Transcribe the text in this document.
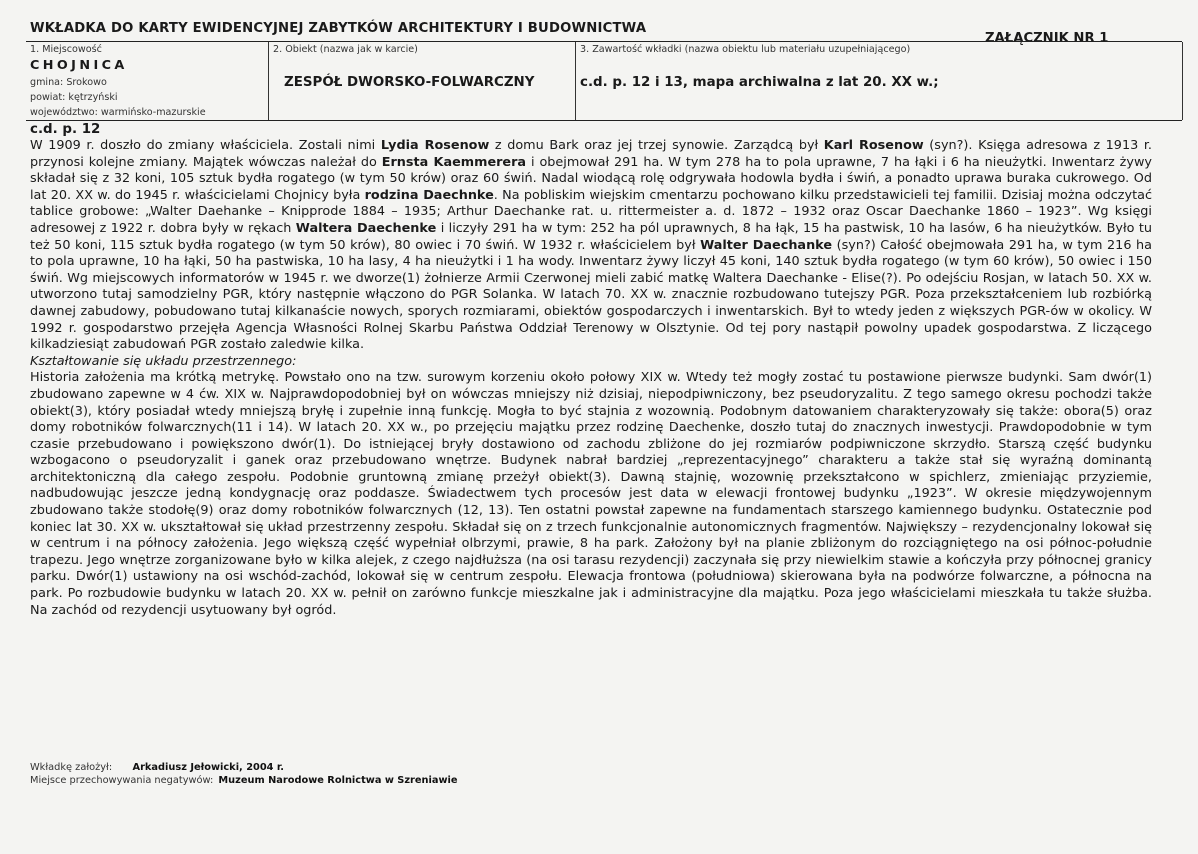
WKŁADKA DO KARTY EWIDENCYJNEJ ZABYTKÓW ARCHITEKTURY I BUDOWNICTWA
ZAŁĄCZNIK NR 1
1. Miejscowość
CHOJNICA
gmina: Srokowo
powiat: kętrzyński
województwo: warmińsko-mazurskie
2. Obiekt (nazwa jak w karcie)
ZESPÓŁ DWORSKO-FOLWARCZNY
3. Zawartość wkładki (nazwa obiektu lub materiału uzupełniającego)
c.d. p. 12 i 13, mapa archiwalna z lat 20. XX w.;
c.d. p. 12

W 1909 r. doszło do zmiany właściciela. Zostali nimi Lydia Rosenow z domu Bark oraz jej trzej synowie. Zarządcą był Karl Rosenow (syn?). Księga adresowa z 1913 r. przynosi kolejne zmiany. Majątek wówczas należał do Ernsta Kaemmerera i obejmował 291 ha. W tym 278 ha to pola uprawne, 7 ha łąki i 6 ha nieużytki. Inwentarz żywy składał się z 32 koni, 105 sztuk bydła rogatego (w tym 50 krów) oraz 60 świń. Nadal wiodącą rolę odgrywała hodowla bydła i świń, a ponadto uprawa buraka cukrowego. Od lat 20. XX w. do 1945 r. właścicielami Chojnicy była rodzina Daechnke. Na pobliskim wiejskim cmentarzu pochowano kilku przedstawicieli tej familii. Dzisiaj można odczytać tablice grobowe: „Walter Daehanke – Knipprode 1884 – 1935; Arthur Daechanke rat. u. rittermeister a. d. 1872 – 1932 oraz Oscar Daechanke 1860 – 1923”. Wg księgi adresowej z 1922 r. dobra były w rękach Waltera Daechenke i liczyły 291 ha w tym: 252 ha pól uprawnych, 8 ha łąk, 15 ha pastwisk, 10 ha lasów, 6 ha nieużytków. Było tu też 50 koni, 115 sztuk bydła rogatego (w tym 50 krów), 80 owiec i 70 świń. W 1932 r. właścicielem był Walter Daechanke (syn?) Całość obejmowała 291 ha, w tym 216 ha to pola uprawne, 10 ha łąki, 50 ha pastwiska, 10 ha lasy, 4 ha nieużytki i 1 ha wody. Inwentarz żywy liczył 45 koni, 140 sztuk bydła rogatego (w tym 60 krów), 50 owiec i 150 świń. Wg miejscowych informatorów w 1945 r. we dworze(1) żołnierze Armii Czerwonej mieli zabić matkę Waltera Daechanke - Elise(?). Po odejściu Rosjan, w latach 50. XX w. utworzono tutaj samodzielny PGR, który następnie włączono do PGR Solanka. W latach 70. XX w. znacznie rozbudowano tutejszy PGR. Poza przekształceniem lub rozbiórką dawnej zabudowy, pobudowano tutaj kilkanaście nowych, sporych rozmiarami, obiektów gospodarczych i inwentarskich. Był to wtedy jeden z większych PGR-ów w okolicy. W 1992 r. gospodarstwo przejęła Agencja Własności Rolnej Skarbu Państwa Oddział Terenowy w Olsztynie. Od tej pory nastąpił powolny upadek gospodarstwa. Z liczącego kilkadziesiąt zabudowań PGR zostało zaledwie kilka.

Kształtowanie się układu przestrzennego:

Historia założenia ma krótką metrykę. Powstało ono na tzw. surowym korzeniu około połowy XIX w. Wtedy też mogły zostać tu postawione pierwsze budynki. Sam dwór(1) zbudowano zapewne w 4 ćw. XIX w. Najprawdopodobniej był on wówczas mniejszy niż dzisiaj, niepodpiwniczony, bez pseudoryzalitu. Z tego samego okresu pochodzi także obiekt(3), który posiadał wtedy mniejszą bryłę i zupełnie inną funkcję. Mogła to być stajnia z wozownią. Podobnym datowaniem charakteryzowały się także: obora(5) oraz domy robotników folwarcznych(11 i 14). W latach 20. XX w., po przejęciu majątku przez rodzinę Daechenke, doszło tutaj do znacznych inwestycji. Prawdopodobnie w tym czasie przebudowano i powiększono dwór(1). Do istniejącej bryły dostawiono od zachodu zbliżone do jej rozmiarów podpiwniczone skrzydło. Starszą część budynku wzbogacono o pseudoryzalit i ganek oraz przebudowano wnętrze. Budynek nabrał bardziej „reprezentacyjnego” charakteru a także stał się wyraźną dominantą architektoniczną dla całego zespołu. Podobnie gruntowną zmianę przeżył obiekt(3). Dawną stajnię, wozownię przekształcono w spichlerz, zmieniając przyziemie, nadbudowując jeszcze jedną kondygnację oraz poddasze. Świadectwem tych procesów jest data w elewacji frontowej budynku „1923”. W okresie międzywojennym zbudowano także stodołę(9) oraz domy robotników folwarcznych (12, 13). Ten ostatni powstał zapewne na fundamentach starszego kamiennego budynku. Ostatecznie pod koniec lat 30. XX w. ukształtował się układ przestrzenny zespołu. Składał się on z trzech funkcjonalnie autonomicznych fragmentów. Największy – rezydencjonalny lokował się w centrum i na północy założenia. Jego większą część wypełniał olbrzymi, prawie, 8 ha park. Założony był na planie zbliżonym do rozciągniętego na osi północ-południe trapezu. Jego wnętrze zorganizowane było w kilka alejek, z czego najdłuższa (na osi tarasu rezydencji) zaczynała się przy niewielkim stawie a kończyła przy północnej granicy parku. Dwór(1) ustawiony na osi wschód-zachód, lokował się w centrum zespołu. Elewacja frontowa (południowa) skierowana była na podwórze folwarczne, a północna na park. Po rozbudowie budynku w latach 20. XX w. pełnił on zarówno funkcje mieszkalne jak i administracyjne dla majątku. Poza jego właścicielami mieszkała tu także służba. Na zachód od rezydencji usytuowany był ogród.

Wkładkę założył: Arkadiusz Jełowicki, 2004 r.
Miejsce przechowywania negatywów: Muzeum Narodowe Rolnictwa w Szreniawie
